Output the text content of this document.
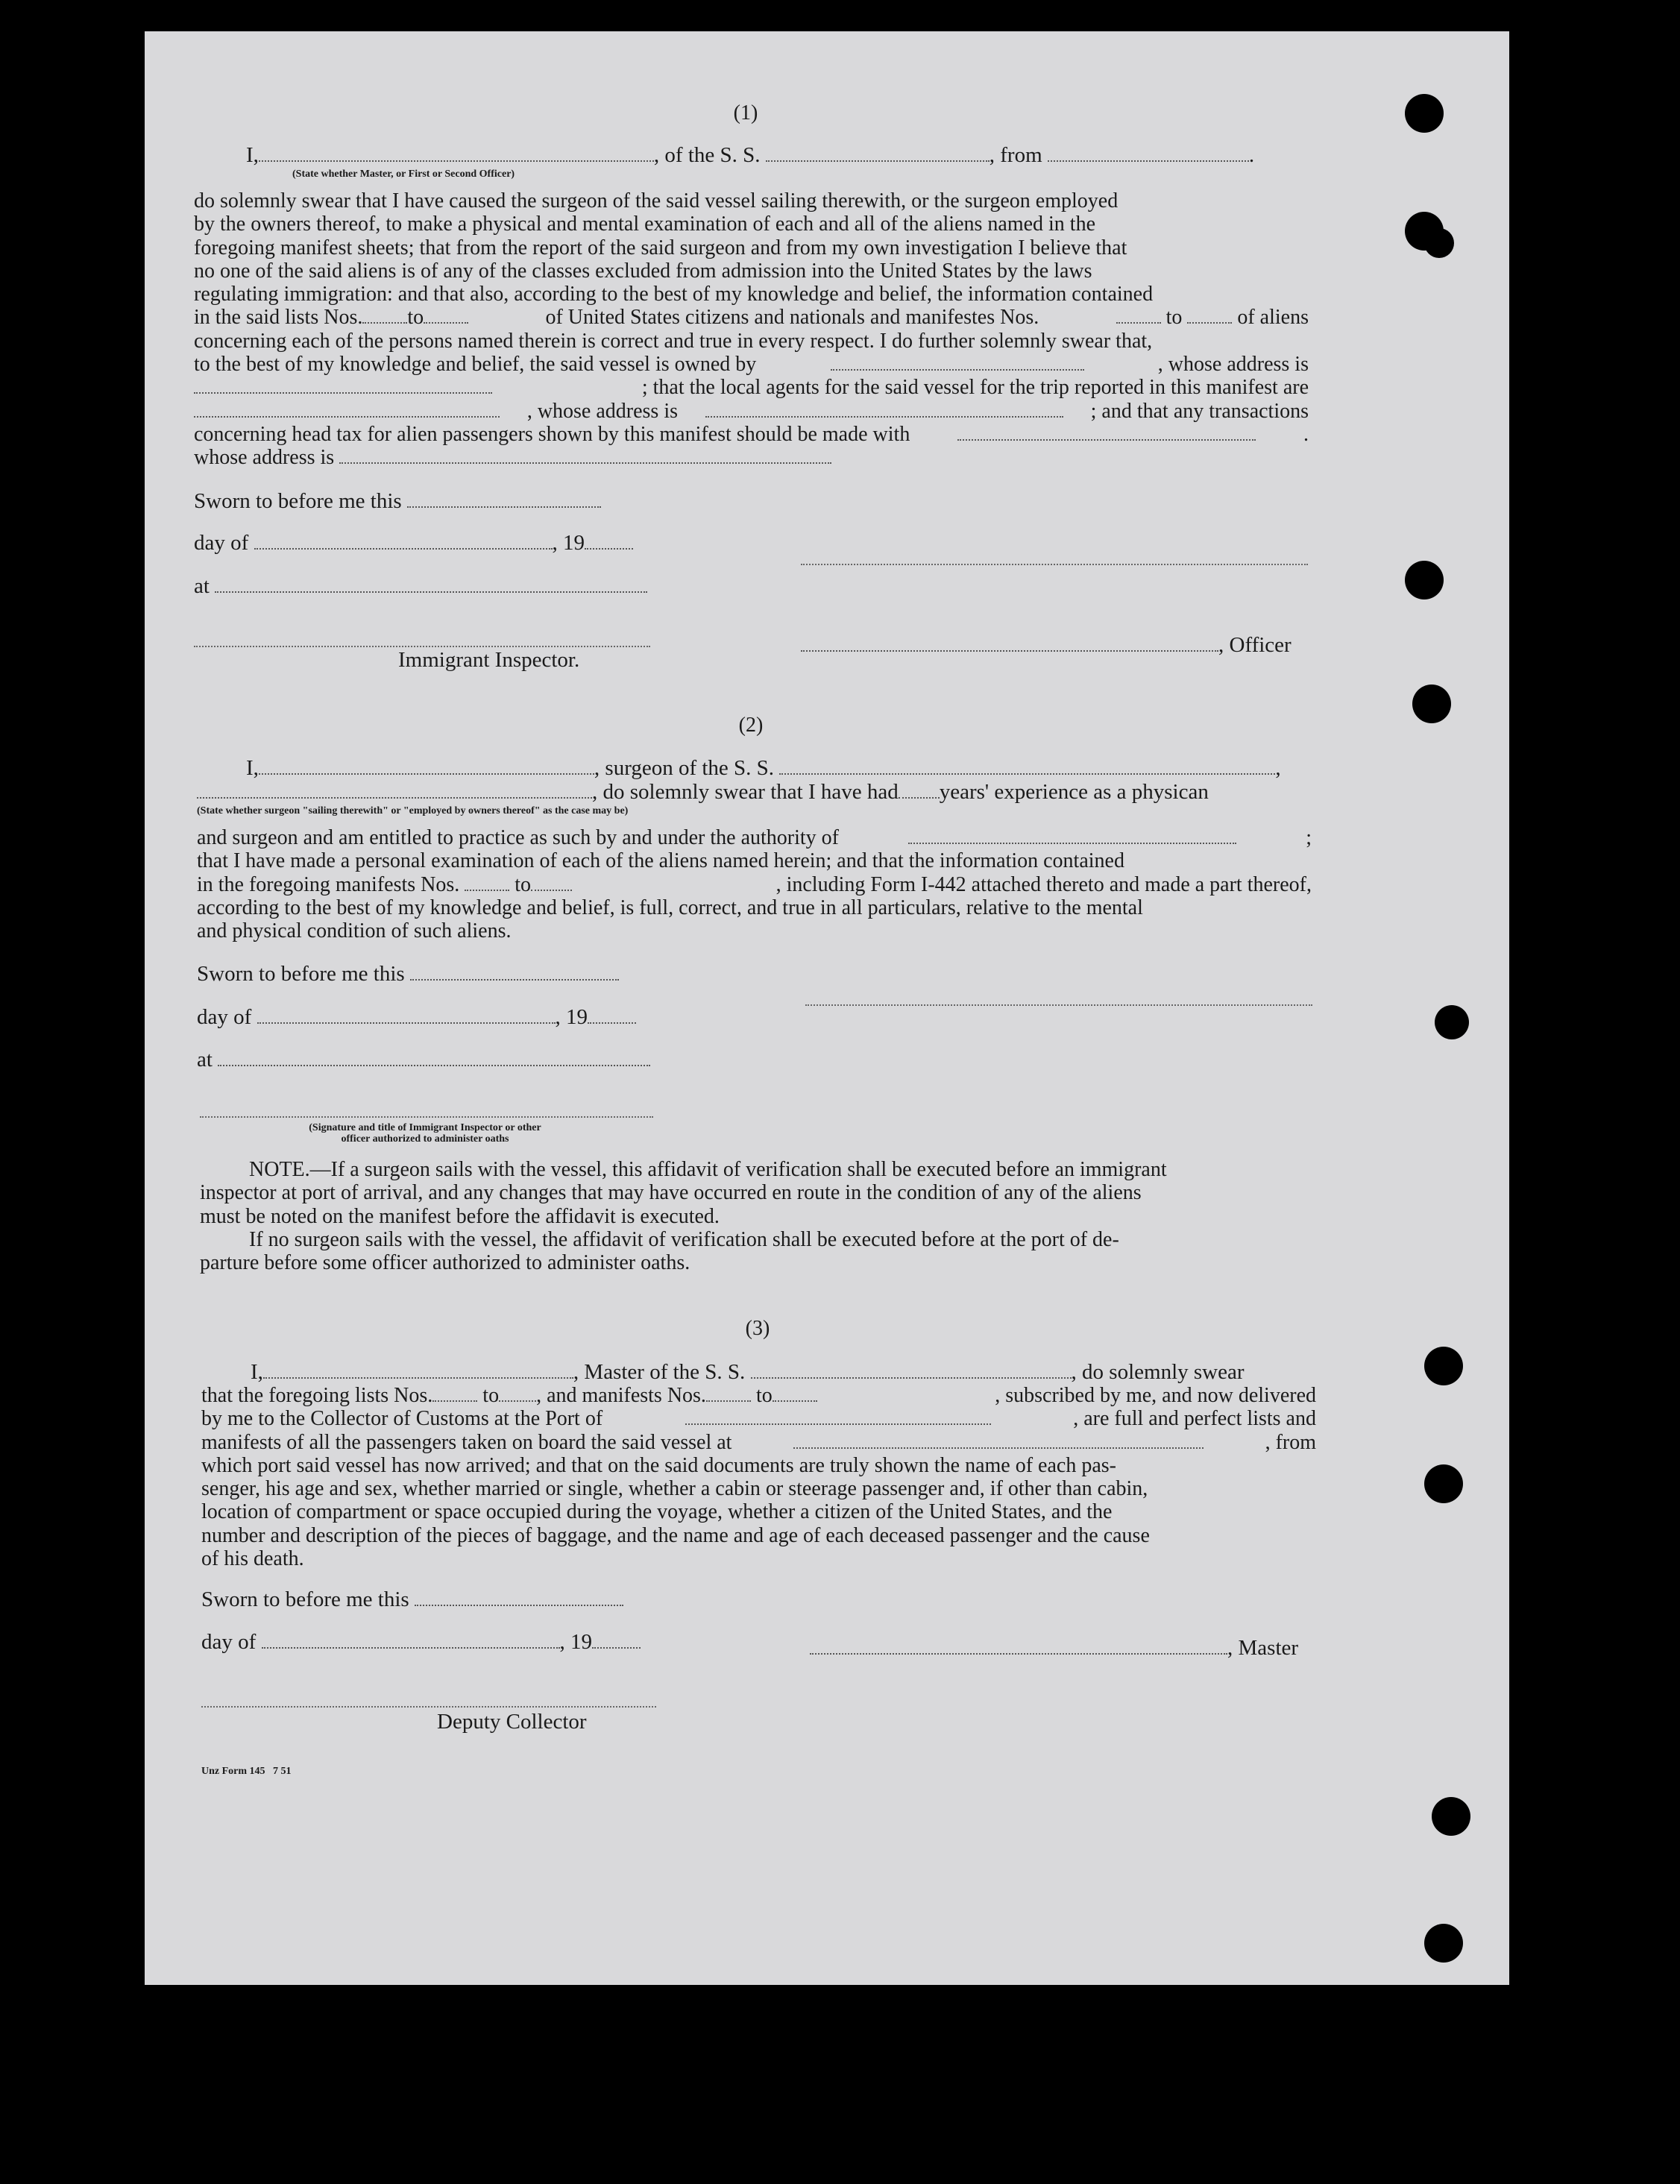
(1)
I,	, of the S. S.	, from	.
(State whether Master, or First or Second Officer)
do solemnly swear that I have caused the surgeon of the said vessel sailing therewith, or the surgeon employed
by the owners thereof, to make a physical and mental examination of each and all of the aliens named in the
foregoing manifest sheets; that from the report of the said surgeon and from my own investigation I believe that
no one of the said aliens is of any of the classes excluded from admission into the United States by the laws
regulating immigration: and that also, according to the best of my knowledge and belief, the information contained
in the said lists Nos. to	of United States citizens and nationals and manifestes Nos.	to	of aliens
concerning each of the persons named therein is correct and true in every respect. I do further solemnly swear that,
to the best of my knowledge and belief, the said vessel is owned by	, whose address is
; that the local agents for the said vessel for the trip reported in this manifest are
, whose address is	; and that any transactions
concerning head tax for alien passengers shown by this manifest should be made with	.
whose address is
Sworn to before me this
day of	, 19
at
, Officer
Immigrant Inspector.
(2)
I,	, surgeon of the S. S.	,
, do solemnly swear that I have had years' experience as a physican
(State whether surgeon "sailing therewith" or "employed by owners thereof" as the case may be)
and surgeon and am entitled to practice as such by and under the authority of	;
that I have made a personal examination of each of the aliens named herein; and that the information contained
in the foregoing manifests Nos.	to	, including Form I-442 attached thereto and made a part thereof,
according to the best of my knowledge and belief, is full, correct, and true in all particulars, relative to the mental
and physical condition of such aliens.
Sworn to before me this
day of	, 19
at
(Signature and title of Immigrant Inspector or other
officer authorized to administer oaths
NOTE.—If a surgeon sails with the vessel, this affidavit of verification shall be executed before an immigrant
inspector at port of arrival, and any changes that may have occurred en route in the condition of any of the aliens
must be noted on the manifest before the affidavit is executed.
If no surgeon sails with the vessel, the affidavit of verification shall be executed before at the port of de-
parture before some officer authorized to administer oaths.
(3)
I,	, Master of the S. S.	, do solemnly swear
that the foregoing lists Nos. to , and manifests Nos. to	, subscribed by me, and now delivered
by me to the Collector of Customs at the Port of	, are full and perfect lists and
manifests of all the passengers taken on board the said vessel at	, from
which port said vessel has now arrived; and that on the said documents are truly shown the name of each pas-
senger, his age and sex, whether married or single, whether a cabin or steerage passenger and, if other than cabin,
location of compartment or space occupied during the voyage, whether a citizen of the United States, and the
number and description of the pieces of baggage, and the name and age of each deceased passenger and the cause
of his death.
Sworn to before me this
day of	, 19	, Master
Deputy Collector
Unz Form 145   7 51
